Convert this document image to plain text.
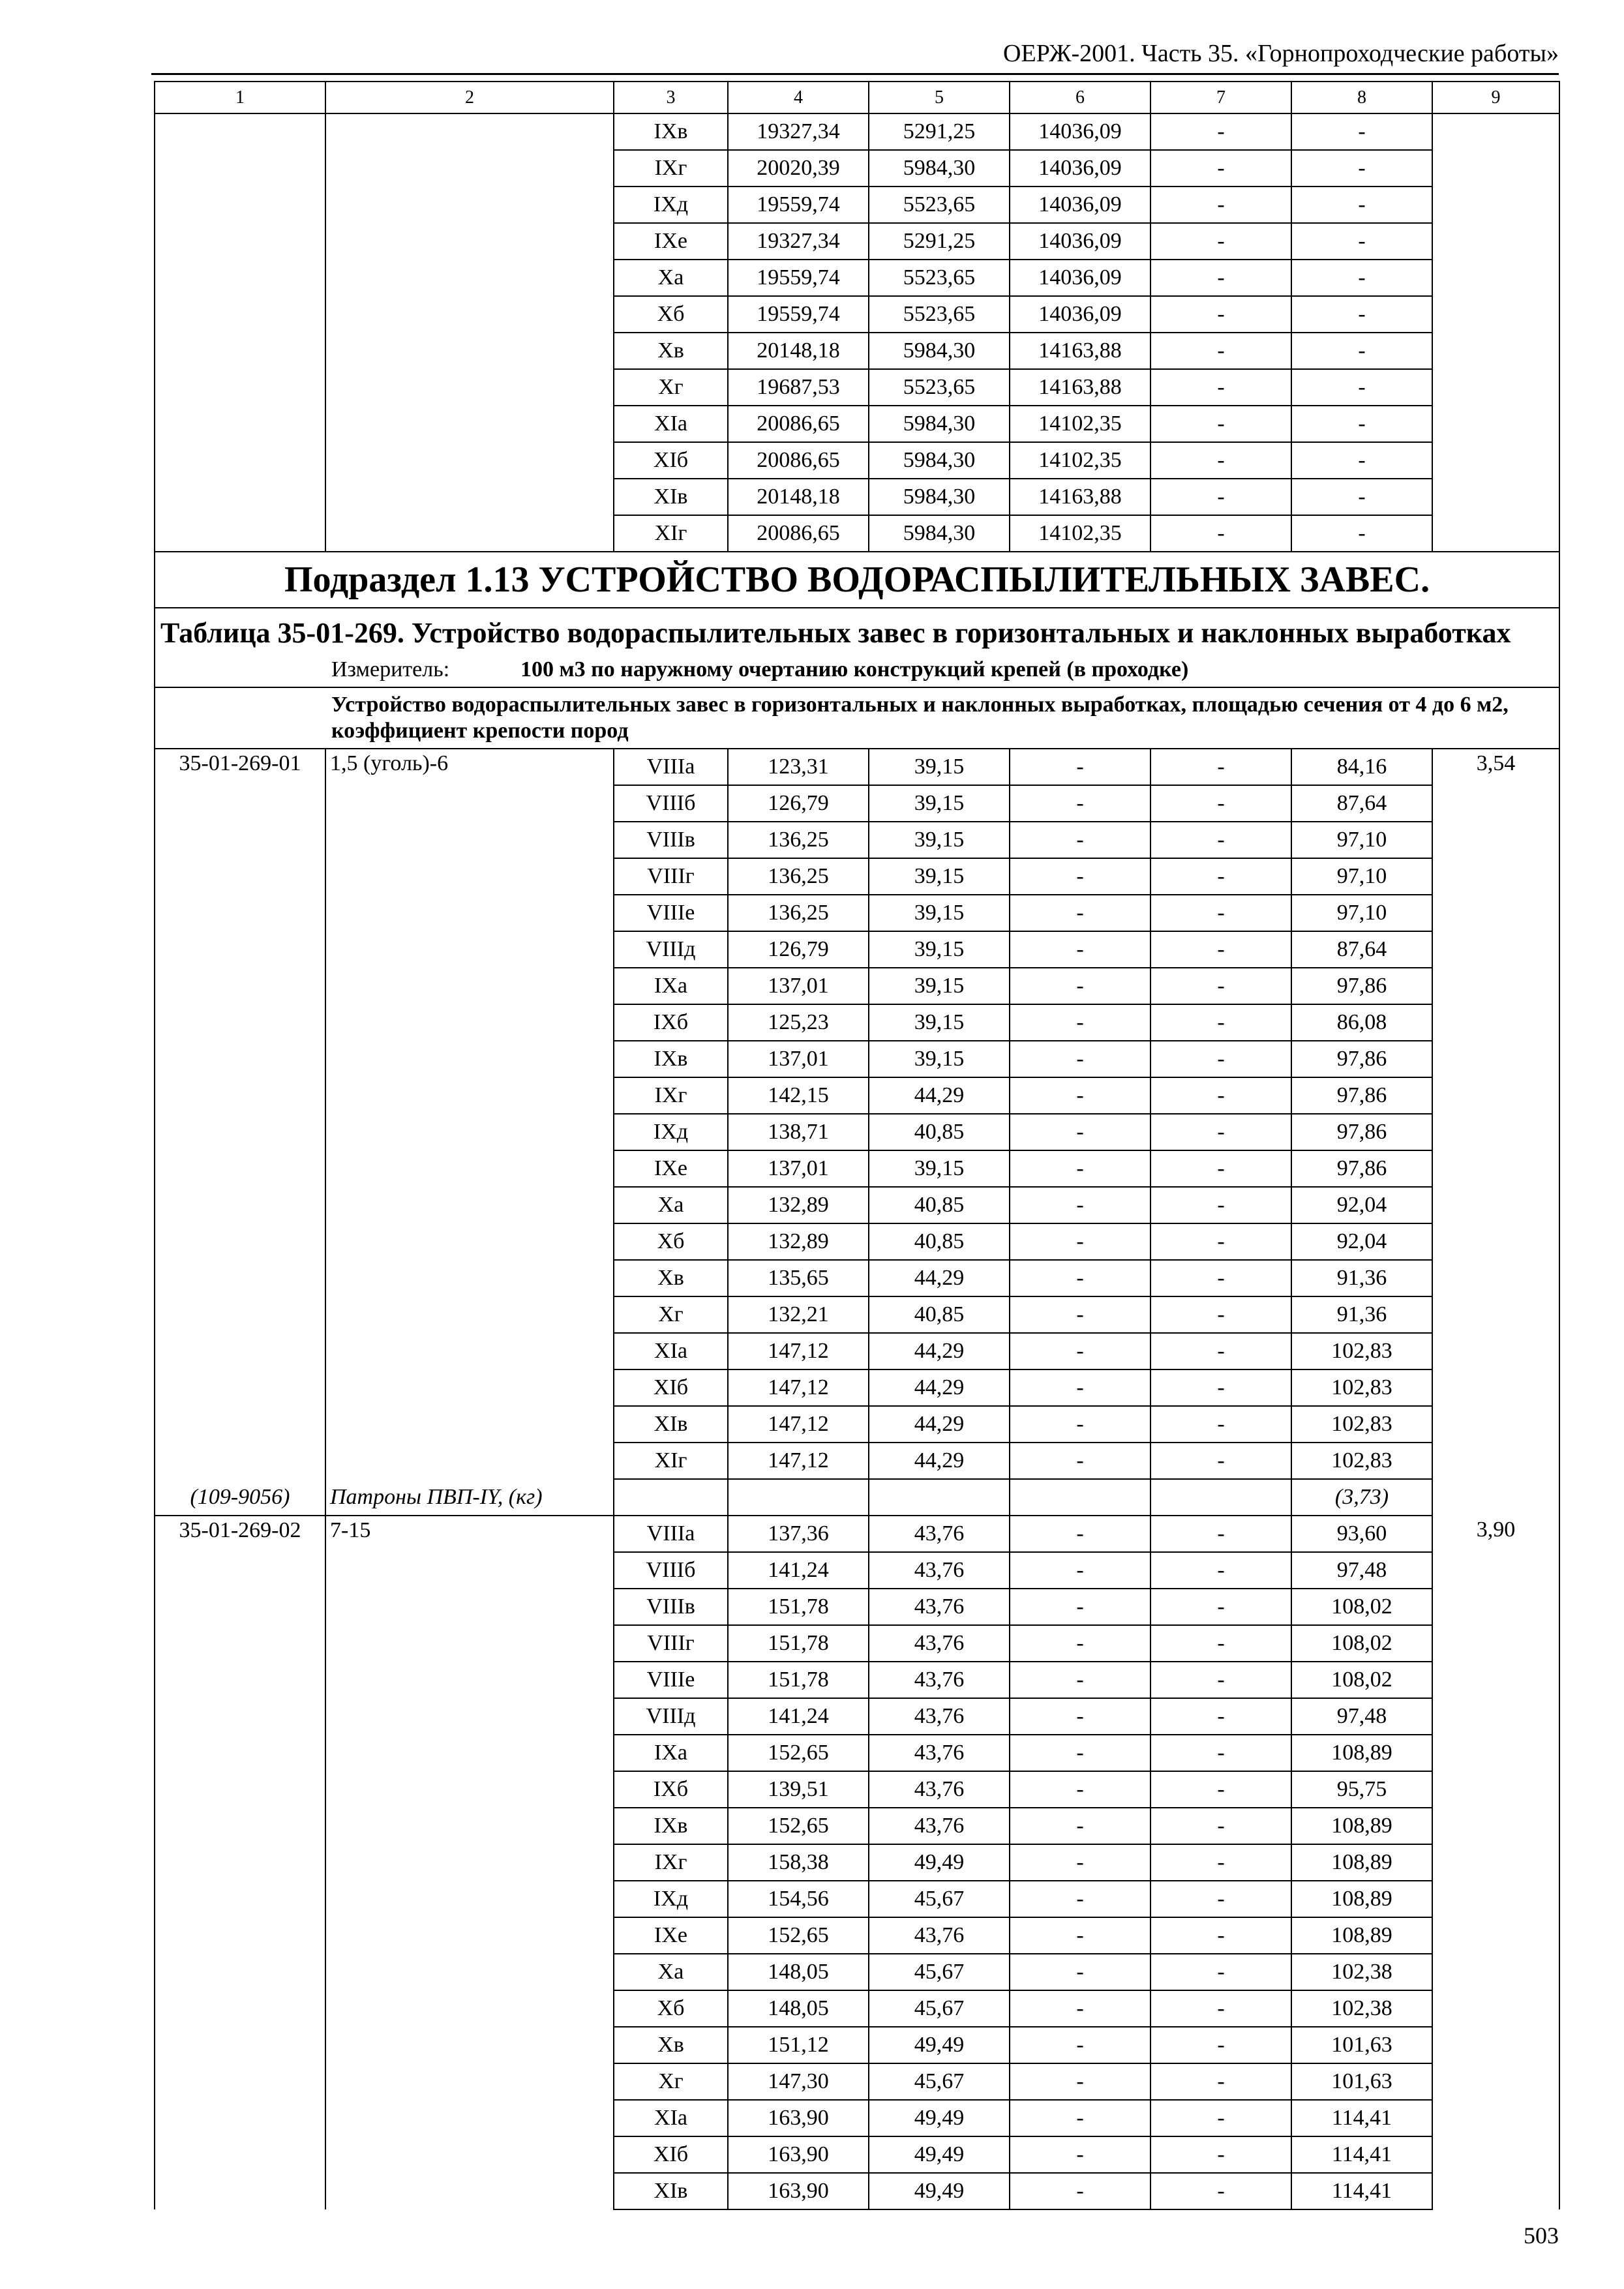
ОЕРЖ-2001. Часть 35. «Горнопроходческие работы»
1	2	3	4	5	6	7	8	9
		IXв	19327,34	5291,25	14036,09	-	-	
		IXг	20020,39	5984,30	14036,09	-	-	
		IXд	19559,74	5523,65	14036,09	-	-	
		IXе	19327,34	5291,25	14036,09	-	-	
		Xа	19559,74	5523,65	14036,09	-	-	
		Xб	19559,74	5523,65	14036,09	-	-	
		Xв	20148,18	5984,30	14163,88	-	-	
		Xг	19687,53	5523,65	14163,88	-	-	
		XIа	20086,65	5984,30	14102,35	-	-	
		XIб	20086,65	5984,30	14102,35	-	-	
		XIв	20148,18	5984,30	14163,88	-	-	
		XIг	20086,65	5984,30	14102,35	-	-	
Подраздел 1.13 УСТРОЙСТВО ВОДОРАСПЫЛИТЕЛЬНЫХ ЗАВЕС.								

Таблица 35-01-269. Устройство водораспылительных завес в горизонтальных и наклонных выработках
Измеритель: 100 м3 по наружному очертанию конструкций крепей (в проходке)								

Устройство водораспылительных завес в горизонтальных и наклонных выработках, площадью сечения от 4 до 6 м2, коэффициент крепости пород								
35-01-269-01	1,5 (уголь)-6	VIIIа	123,31	39,15	-	-	84,16	3,54
		VIIIб	126,79	39,15	-	-	87,64	
		VIIIв	136,25	39,15	-	-	97,10	
		VIIIг	136,25	39,15	-	-	97,10	
		VIIIе	136,25	39,15	-	-	97,10	
		VIIIд	126,79	39,15	-	-	87,64	
		IXа	137,01	39,15	-	-	97,86	
		IXб	125,23	39,15	-	-	86,08	
		IXв	137,01	39,15	-	-	97,86	
		IXг	142,15	44,29	-	-	97,86	
		IXд	138,71	40,85	-	-	97,86	
		IXе	137,01	39,15	-	-	97,86	
		Xа	132,89	40,85	-	-	92,04	
		Xб	132,89	40,85	-	-	92,04	
		Xв	135,65	44,29	-	-	91,36	
		Xг	132,21	40,85	-	-	91,36	
		XIа	147,12	44,29	-	-	102,83	
		XIб	147,12	44,29	-	-	102,83	
		XIв	147,12	44,29	-	-	102,83	
		XIг	147,12	44,29	-	-	102,83	
(109-9056)	Патроны ПВП-IY, (кг)						(3,73)	
35-01-269-02	7-15	VIIIа	137,36	43,76	-	-	93,60	3,90
		VIIIб	141,24	43,76	-	-	97,48	
		VIIIв	151,78	43,76	-	-	108,02	
		VIIIг	151,78	43,76	-	-	108,02	
		VIIIе	151,78	43,76	-	-	108,02	
		VIIIд	141,24	43,76	-	-	97,48	
		IXа	152,65	43,76	-	-	108,89	
		IXб	139,51	43,76	-	-	95,75	
		IXв	152,65	43,76	-	-	108,89	
		IXг	158,38	49,49	-	-	108,89	
		IXд	154,56	45,67	-	-	108,89	
		IXе	152,65	43,76	-	-	108,89	
		Xа	148,05	45,67	-	-	102,38	
		Xб	148,05	45,67	-	-	102,38	
		Xв	151,12	49,49	-	-	101,63	
		Xг	147,30	45,67	-	-	101,63	
		XIа	163,90	49,49	-	-	114,41	
		XIб	163,90	49,49	-	-	114,41	
		XIв	163,90	49,49	-	-	114,41	
503
